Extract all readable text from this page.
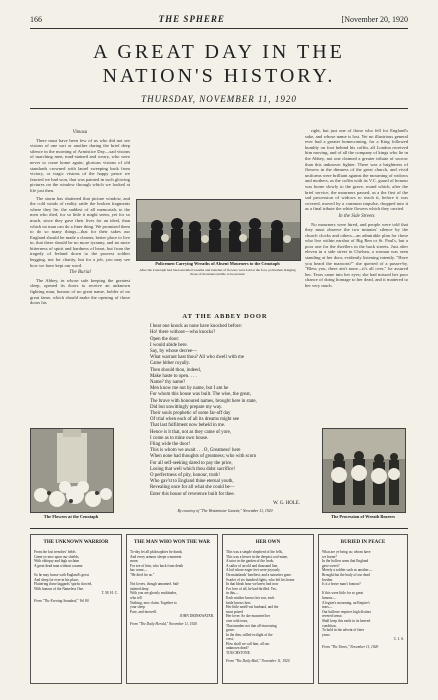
166	THE SPHERE	[November 20, 1920
A GREAT DAY IN THE
NATION'S HISTORY.
THURSDAY, NOVEMBER 11, 1920
Vimasa

There must have been few of us who did not see visions of one sort or another during the brief deep silence in the morning of Armistice Day—sad visions of marching men, mud-stained and weary, who were never to come home again; glorious visions of old standards crowned with laurel sweeping back from victory, or tragic visions of the happy peace we fancied we had won, that was painted in such glowing pictures on the window through which we looked at life just then.

The storm has shattered that picture window, and the cold winds of reality rattle the broken fragments where they lie, the saddest of all memorials to the men who died, for so little it might seem, yet for so much, since they gave their lives for an ideal, than which no man can do a finer thing. We promised them to do so many things—that for their sakes our England should be made a cleaner, better place to live in, that there should be no more tyranny, and no more bitterness of spirit and hardness of heart, but from the tragedy of Ireland down to the poorest soldier begging, not for charity, but for a job, you may see how we have kept our word.

The Burial

The Abbey, in whose safe keeping the greatest sleep, opened its doors to receive an unknown fighting man, honour of no great name, holder of no great fame, which should make the opening of those doors his

Policemen Carrying Wreaths of Absent Mourners to the Cenotaph
After the Cenotaph had been unveiled wreaths and bunches of flowers were laid at the foot, policemen bringing those of mourners unable to be present

right, but just one of those who fell for England's sake, and whose name is lost. Yet no illustrious general ever had a greater homecoming, for a King followed humbly on foot behind his coffin, all London received him moving, and of all the company of kings who lie in the Abbey, not one claimed a greater tribute of sorrow than this unknown fighter. There was a brightness of flowers in the dimness of the great church, and vivid uniforms were brilliant against the mourning of widows and mothers, as the coffin with its V.C. guard of honour was borne slowly to the grave, round which, after the brief service, the mourners passed, as a the first of the sad procession of widows to reach it, before it was covered, moved by a common impulse, dropped into it as a final tribute the white flowers which they carried.

In the Side Streets

No mourners were hired, and people were told that they must observe the two minutes' silence by the church clocks and others—an admirable plan for those who live within earshot of Big Ben or St. Paul's, but a poor one for the dwellers in the back streets. Just after eleven in a side street in Chelsea, a woman was seen standing at her door, evidently listening intently. "Have you heard the maroons?" she queried of a passer-by. "Bless you, there ain't none—it's all over," he assured her. Tears came into her eyes; she had missed her poor chance of doing homage to her dead, and it mattered to her very much.

The Flowers at the Cenotaph	The Procession of Wreath Bearers
AT THE ABBEY DOOR
I hear one knock as none have knocked before:
Ho! there without—who knocks?
Open the door:
I would abide here.
Say, by whose decree—
What warrant hast thou? All who dwell with me
Came hither royally.
Then should thou, indeed,
Make haste to open. . . .
Name? thy name?
Men know me not by name, but I am he
For whom this house was built. The wise, the great,
The brave with honoured names, brought here in state,
Did but unwittingly prepare my way.
Their souls prophetic of some far-off day
Of trial when each of all its dreams might see
That last fulfilment now beheld in me.
Hence is it that, not as they came of yore,
I come as to mine own house.
Fling wide the door!
This is whom we await . . . O, Greatness! here
When none had thoughts of greatness; who with scorn
For all self-seeking dared to pay the price,
Losing that well which thou didst sacrifice!
O perfectness of pity, honour, truth!
Who gav'st to England thine eternal youth,
Revealing once for all what she could be—
Enter this house of reverence built for thee.
W. G. HOLE.
By courtesy of "The Westminster Gazette," November 11, 1920
THE UNKNOWN WARRIOR
From the lost trenches' fields
Came ye now upon our shields,
With obloquy and high acclaim
A great dead man without a name.

So he may house with England's great
And sleep for ever in his place,
Fluttering those laggards' spirits slowed,
With honour of the Nameless One.
T. M. H. C.
From "The Evening Standard," Vol 80
THE MAN WHO WON THE WAR
To-day let all philosophies be dumb,
And every armour sleepe a moment
more;
For see of him, who back from death
has come—
"He died for us."

Not lovers, though unnamed. Sail-
tattered deep
With you are ghostly multitudes,
who tell
Nothing, now claim. Together to
your sleep
Pure, and farewell.
JOHN DRINKWATER.
From "The Daily Herald," November 11, 1920
HER OWN
This was a simple shepherd of the fells,
This was a hewer in the deepest coal-mine,
A tutor in the garden of the lords,
A sailor of an old and thousand line,
A lad whose eager feet were joyously
On mainlands' loneliest, and a sunsetter gone.
Scarlet of six hundred fights, who left his home
In that bleak hour we knew had now
For love of all, he had thrilled. Yes,
in this—
Each mother knows her son, each
bride knows hers
Her little smell-cut husband, and the
most prized
Her lover. So she mourned her
own with tears,
That number not that all-increasing
grave.
In the dim, stilled twilight of the
crest,
How shall we call him, all our
unknown dead?
TOUCHSTONE.
From "The Daily Mail," November 11, 1920
BURIED IN PEACE
What are ye bring us; whom have
we borne?
In the hollow arms that England
gave sweet?
Merely a soldier such as another—
Brought but the body of our dead
brother.
Is it a brave man's honour?

If this were little for so great
honour—
A legion's mourning, an Empire's
tears—
Our hallowe requires high distinct
revered sense,
Shall keep this earth in its heaved
condition,
To hold in the advent of finer
years.
C. J. S.
From "The Times," November 11, 1920
